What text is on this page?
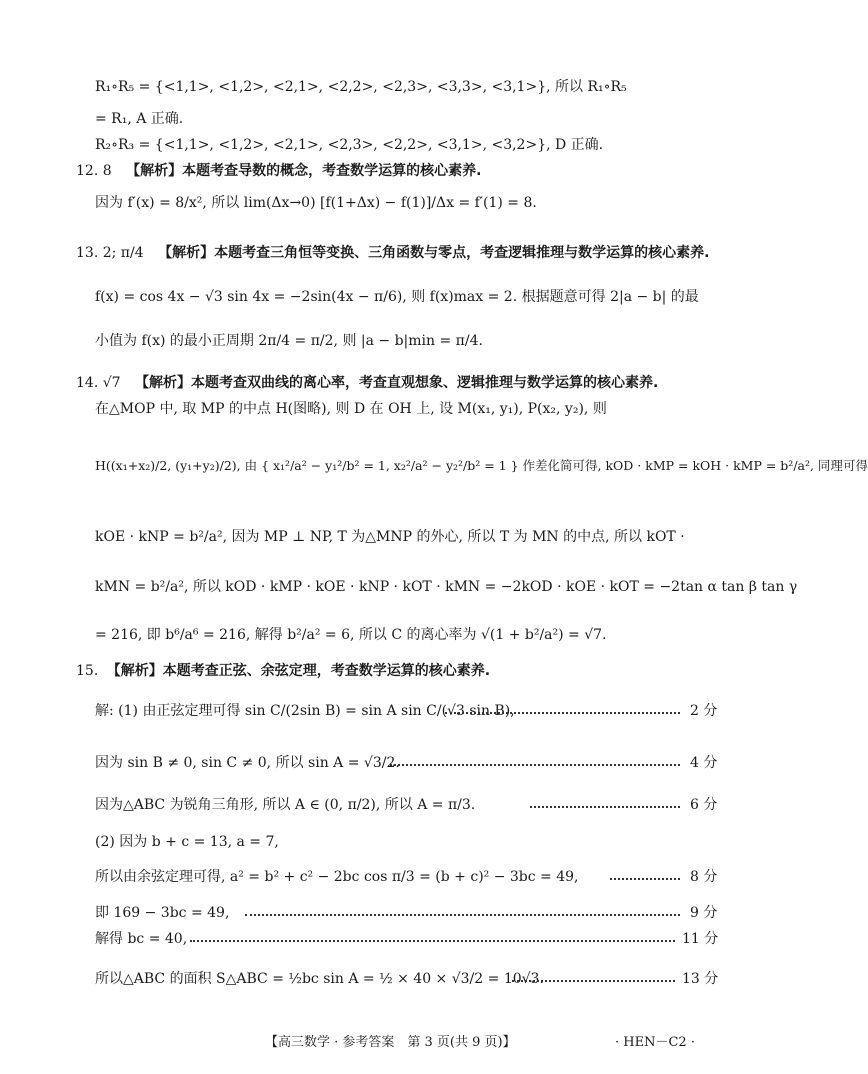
R₁∘R₅ = {<1,1>, <1,2>, <2,1>, <2,2>, <2,3>, <3,3>, <3,1>}, 所以 R₁∘R₅
= R₁, A 正确.
R₂∘R₃ = {<1,1>, <1,2>, <2,1>, <2,3>, <2,2>, <3,1>, <3,2>}, D 正确.
12. 8 【解析】本题考查导数的概念，考查数学运算的核心素养.
因为 f′(x) = 8/x², 所以 lim(Δx→0) [f(1+Δx) − f(1)]/Δx = f′(1) = 8.
13. 2; π/4 【解析】本题考查三角恒等变换、三角函数与零点，考查逻辑推理与数学运算的核心素养.
f(x) = cos 4x − √3 sin 4x = −2sin(4x − π/6), 则 f(x)max = 2. 根据题意可得 2|a − b| 的最
小值为 f(x) 的最小正周期 2π/4 = π/2, 则 |a − b|min = π/4.
14. √7 【解析】本题考查双曲线的离心率，考查直观想象、逻辑推理与数学运算的核心素养.
在△MOP 中, 取 MP 的中点 H(图略), 则 D 在 OH 上, 设 M(x₁, y₁), P(x₂, y₂), 则
H((x₁+x₂)/2, (y₁+y₂)/2), 由 { x₁²/a² − y₁²/b² = 1, x₂²/a² − y₂²/b² = 1 } 作差化简可得, kOD · kMP = kOH · kMP = b²/a², 同理可得
kOE · kNP = b²/a², 因为 MP ⊥ NP, T 为△MNP 的外心, 所以 T 为 MN 的中点, 所以 kOT ·
kMN = b²/a², 所以 kOD · kMP · kOE · kNP · kOT · kMN = −2kOD · kOE · kOT = −2tan α tan β tan γ
= 216, 即 b⁶/a⁶ = 216, 解得 b²/a² = 6, 所以 C 的离心率为 √(1 + b²/a²) = √7.
15. 【解析】本题考查正弦、余弦定理，考查数学运算的核心素养.
解: (1) 由正弦定理可得 sin C/(2sin B) = sin A sin C/(√3 sin B),	2 分
因为 sin B ≠ 0, sin C ≠ 0, 所以 sin A = √3/2.	4 分
因为△ABC 为锐角三角形, 所以 A ∈ (0, π/2), 所以 A = π/3.	6 分
(2) 因为 b + c = 13, a = 7,
所以由余弦定理可得, a² = b² + c² − 2bc cos π/3 = (b + c)² − 3bc = 49,	8 分
即 169 − 3bc = 49,	9 分
解得 bc = 40,	11 分
所以△ABC 的面积 S△ABC = ½bc sin A = ½ × 40 × √3/2 = 10√3.	13 分
【高三数学 · 参考答案　第 3 页(共 9 页)】	· HEN－C2 ·
